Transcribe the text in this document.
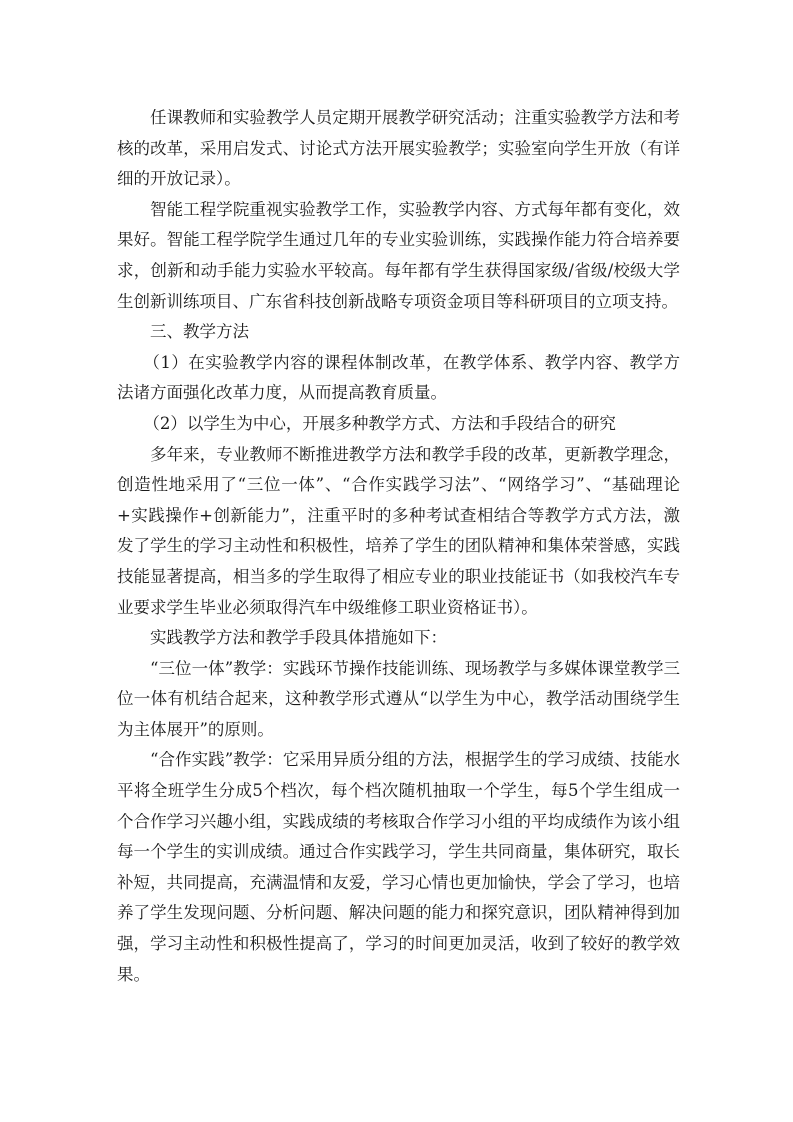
任课教师和实验教学人员定期开展教学研究活动；注重实验教学方法和考核的改革，采用启发式、讨论式方法开展实验教学；实验室向学生开放（有详细的开放记录）。

智能工程学院重视实验教学工作，实验教学内容、方式每年都有变化，效果好。智能工程学院学生通过几年的专业实验训练，实践操作能力符合培养要求，创新和动手能力实验水平较高。每年都有学生获得国家级/省级/校级大学生创新训练项目、广东省科技创新战略专项资金项目等科研项目的立项支持。

三、教学方法

（1）在实验教学内容的课程体制改革，在教学体系、教学内容、教学方法诸方面强化改革力度，从而提高教育质量。

（2）以学生为中心，开展多种教学方式、方法和手段结合的研究

多年来，专业教师不断推进教学方法和教学手段的改革，更新教学理念，创造性地采用了“三位一体”、“合作实践学习法”、“网络学习”、“基础理论+实践操作+创新能力”，注重平时的多种考试查相结合等教学方式方法，激发了学生的学习主动性和积极性，培养了学生的团队精神和集体荣誉感，实践技能显著提高，相当多的学生取得了相应专业的职业技能证书（如我校汽车专业要求学生毕业必须取得汽车中级维修工职业资格证书）。

实践教学方法和教学手段具体措施如下：

“三位一体”教学：实践环节操作技能训练、现场教学与多媒体课堂教学三位一体有机结合起来，这种教学形式遵从“以学生为中心，教学活动围绕学生为主体展开”的原则。

“合作实践”教学：它采用异质分组的方法，根据学生的学习成绩、技能水平将全班学生分成5个档次，每个档次随机抽取一个学生，每5个学生组成一个合作学习兴趣小组，实践成绩的考核取合作学习小组的平均成绩作为该小组每一个学生的实训成绩。通过合作实践学习，学生共同商量，集体研究，取长补短，共同提高，充满温情和友爱，学习心情也更加愉快，学会了学习，也培养了学生发现问题、分析问题、解决问题的能力和探究意识，团队精神得到加强，学习主动性和积极性提高了，学习的时间更加灵活，收到了较好的教学效果。
